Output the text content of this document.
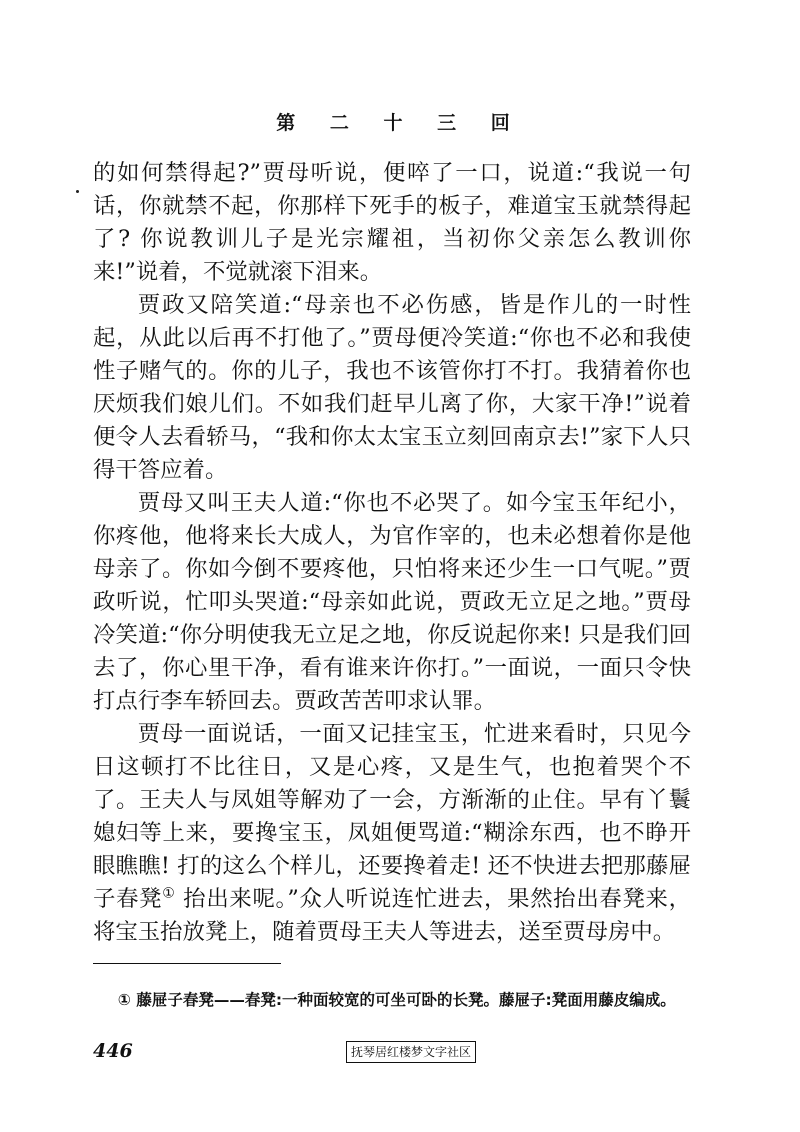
第 二 十 三 回

的如何禁得起?”贾母听说，便啐了一口，说道:“我说一句话，你就禁不起，你那样下死手的板子，难道宝玉就禁得起了? 你说教训儿子是光宗耀祖，当初你父亲怎么教训你来!”说着，不觉就滚下泪来。

贾政又陪笑道:“母亲也不必伤感，皆是作儿的一时性起，从此以后再不打他了。”贾母便冷笑道:“你也不必和我使性子赌气的。你的儿子，我也不该管你打不打。我猜着你也厌烦我们娘儿们。不如我们赶早儿离了你，大家干净!”说着便令人去看轿马，“我和你太太宝玉立刻回南京去!”家下人只得干答应着。

贾母又叫王夫人道:“你也不必哭了。如今宝玉年纪小，你疼他，他将来长大成人，为官作宰的，也未必想着你是他母亲了。你如今倒不要疼他，只怕将来还少生一口气呢。”贾政听说，忙叩头哭道:“母亲如此说，贾政无立足之地。”贾母冷笑道:“你分明使我无立足之地，你反说起你来! 只是我们回去了，你心里干净，看有谁来许你打。”一面说，一面只令快打点行李车轿回去。贾政苦苦叩求认罪。

贾母一面说话，一面又记挂宝玉，忙进来看时，只见今日这顿打不比往日，又是心疼，又是生气，也抱着哭个不了。王夫人与凤姐等解劝了一会，方渐渐的止住。早有丫鬟媳妇等上来，要搀宝玉，凤姐便骂道:“糊涂东西，也不睁开眼瞧瞧! 打的这么个样儿，还要搀着走! 还不快进去把那藤屉子春凳① 抬出来呢。”众人听说连忙进去，果然抬出春凳来，将宝玉抬放凳上，随着贾母王夫人等进去，送至贾母房中。

① 藤屉子春凳——春凳:一种面较宽的可坐可卧的长凳。藤屉子:凳面用藤皮编成。
446	抚琴居红楼梦文字社区
